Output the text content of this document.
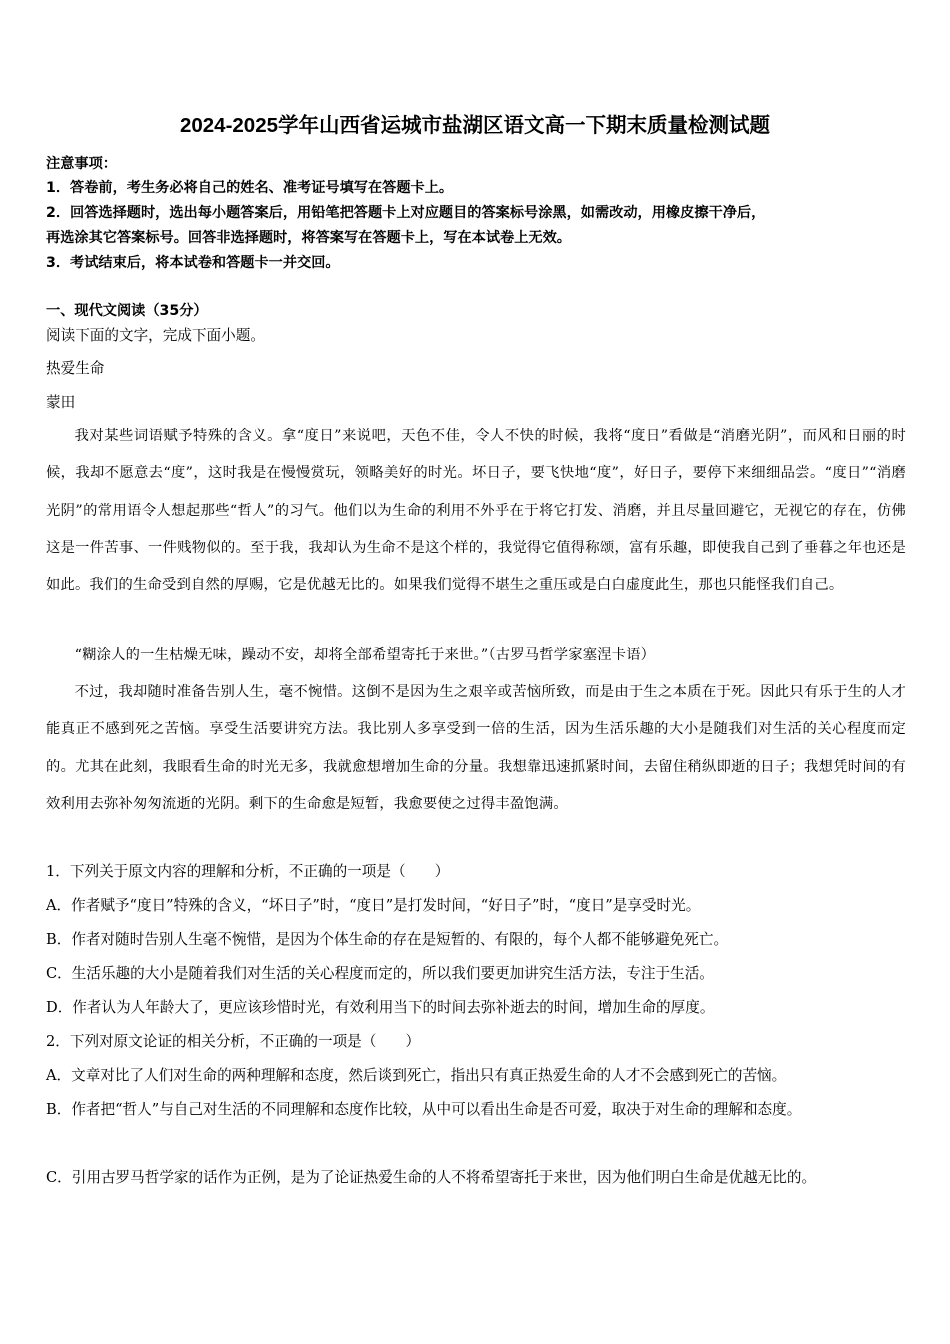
2024-2025学年山西省运城市盐湖区语文高一下期末质量检测试题
注意事项：
1．答卷前，考生务必将自己的姓名、准考证号填写在答题卡上。
2．回答选择题时，选出每小题答案后，用铅笔把答题卡上对应题目的答案标号涂黑，如需改动，用橡皮擦干净后，
再选涂其它答案标号。回答非选择题时，将答案写在答题卡上，写在本试卷上无效。
3．考试结束后，将本试卷和答题卡一并交回。
一、现代文阅读（35分）
阅读下面的文字，完成下面小题。
热爱生命
蒙田
我对某些词语赋予特殊的含义。拿“度日”来说吧，天色不佳，令人不快的时候，我将“度日”看做是“消磨光阴”，而风和日丽的时候，我却不愿意去“度”，这时我是在慢慢赏玩，领略美好的时光。坏日子，要飞快地“度”，好日子，要停下来细细品尝。“度日”“消磨光阴”的常用语令人想起那些“哲人”的习气。他们以为生命的利用不外乎在于将它打发、消磨，并且尽量回避它，无视它的存在，仿佛这是一件苦事、一件贱物似的。至于我，我却认为生命不是这个样的，我觉得它值得称颂，富有乐趣，即使我自己到了垂暮之年也还是如此。我们的生命受到自然的厚赐，它是优越无比的。如果我们觉得不堪生之重压或是白白虚度此生，那也只能怪我们自己。
“糊涂人的一生枯燥无味，躁动不安，却将全部希望寄托于来世。”（古罗马哲学家塞涅卡语）
不过，我却随时准备告别人生，毫不惋惜。这倒不是因为生之艰辛或苦恼所致，而是由于生之本质在于死。因此只有乐于生的人才能真正不感到死之苦恼。享受生活要讲究方法。我比别人多享受到一倍的生活，因为生活乐趣的大小是随我们对生活的关心程度而定的。尤其在此刻，我眼看生命的时光无多，我就愈想增加生命的分量。我想靠迅速抓紧时间，去留住稍纵即逝的日子；我想凭时间的有效利用去弥补匆匆流逝的光阴。剩下的生命愈是短暂，我愈要使之过得丰盈饱满。
1．下列关于原文内容的理解和分析，不正确的一项是（　　）
A．作者赋予“度日”特殊的含义，“坏日子”时，“度日”是打发时间，“好日子”时，“度日”是享受时光。
B．作者对随时告别人生毫不惋惜，是因为个体生命的存在是短暂的、有限的，每个人都不能够避免死亡。
C．生活乐趣的大小是随着我们对生活的关心程度而定的，所以我们要更加讲究生活方法，专注于生活。
D．作者认为人年龄大了，更应该珍惜时光，有效利用当下的时间去弥补逝去的时间，增加生命的厚度。
2．下列对原文论证的相关分析，不正确的一项是（　　）
A．文章对比了人们对生命的两种理解和态度，然后谈到死亡，指出只有真正热爱生命的人才不会感到死亡的苦恼。
B．作者把“哲人”与自己对生活的不同理解和态度作比较，从中可以看出生命是否可爱，取决于对生命的理解和态度。
C．引用古罗马哲学家的话作为正例，是为了论证热爱生命的人不将希望寄托于来世，因为他们明白生命是优越无比的。
